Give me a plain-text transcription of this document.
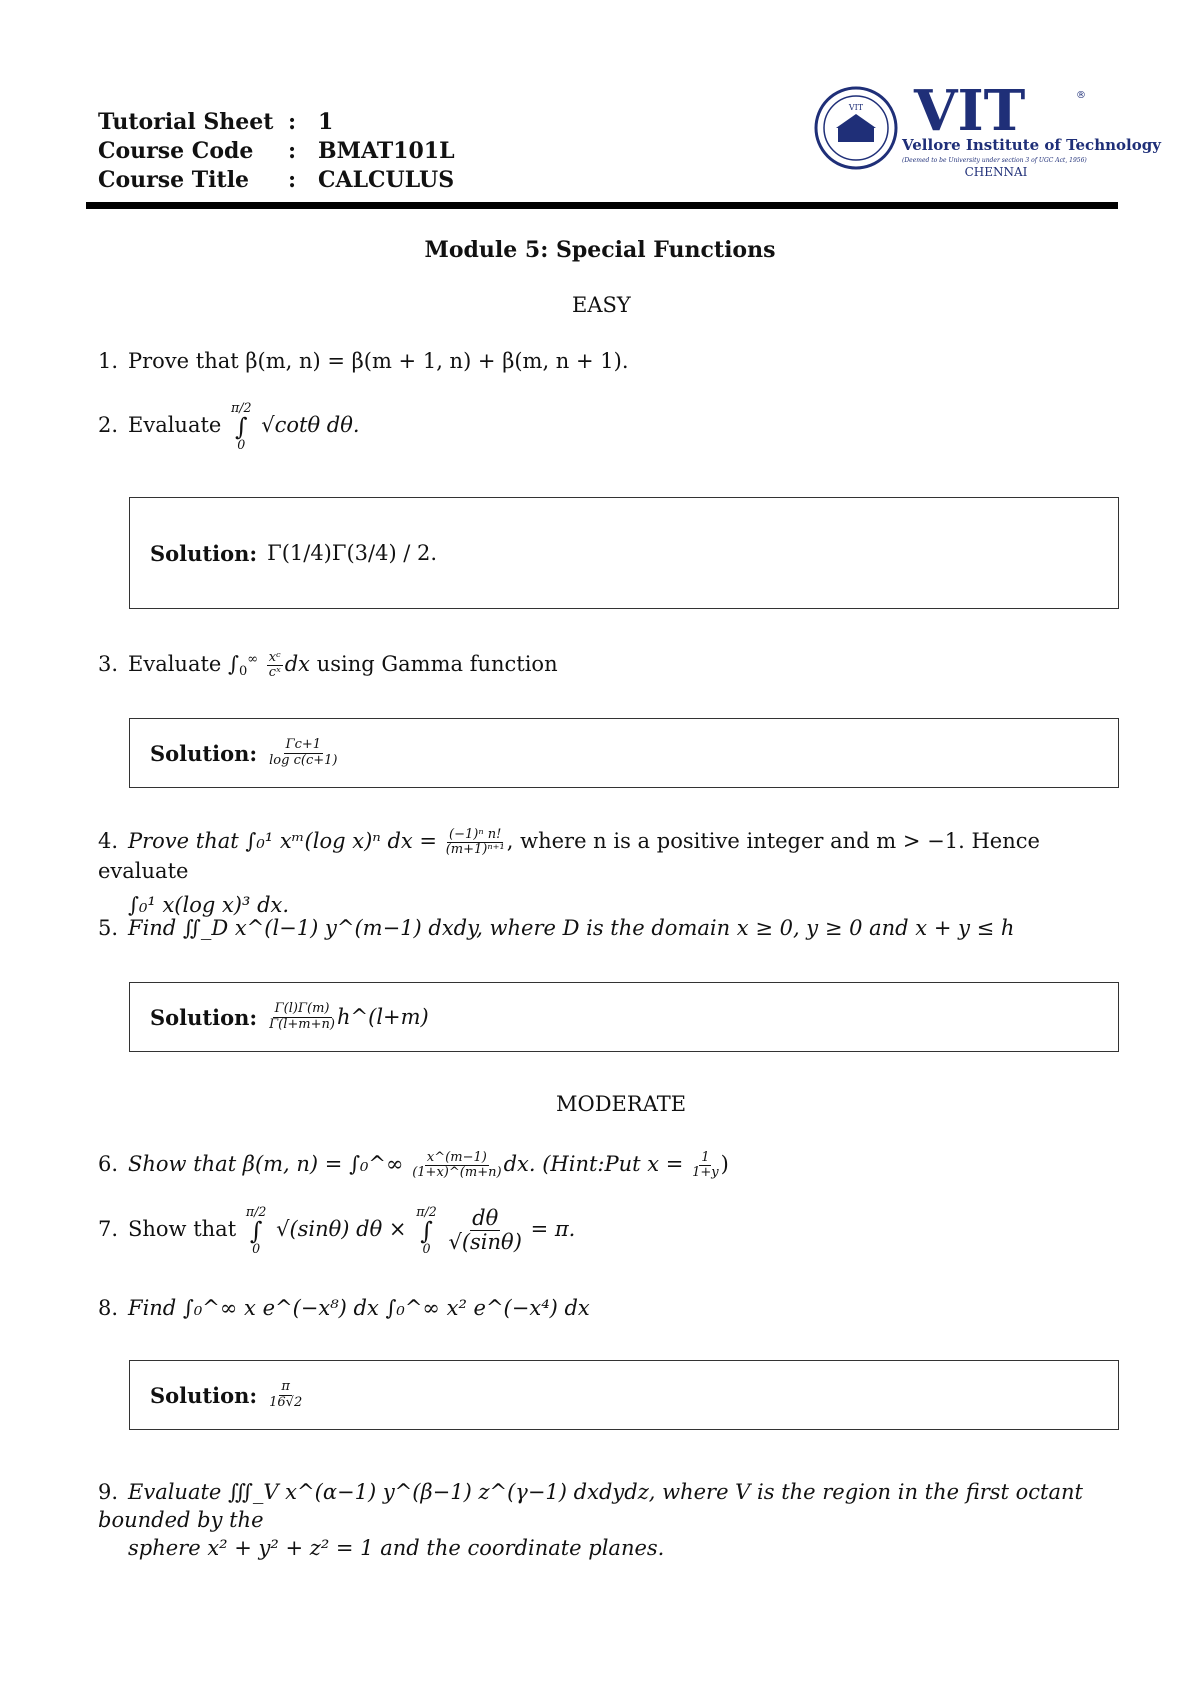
Tutorial Sheet : 1
Course Code	: BMAT101L
Course Title	: CALCULUS
VIT VIT	®
Vellore Institute of Technology
(Deemed to be University under section 3 of UGC Act, 1956)
CHENNAI
Module 5: Special Functions
EASY
1. Prove that β(m, n) = β(m + 1, n) + β(m, n + 1).
2. Evaluate
π/2
∫
0
√cotθ dθ.
Solution: Γ(1/4)Γ(3/4) / 2.
3. Evaluate $\int 0^\infty \frac{\text{xᶜ}}{\text{cˣ}}$ dx using Gamma function
Solution: $\frac{\Gamma c+1}{\text{log c(c+1)}}$
4. Prove that ∫₀¹ xᵐ(log x)ⁿ dx = $\frac{\text{(−1)ⁿ n!}}{\text{(m+1)ⁿ⁺¹}}$ , where n is a positive integer and m > −1. Hence evaluate
∫₀¹ x(log x)³ dx.
5. Find ∬_D x^(l−1) y^(m−1) dxdy, where D is the domain x ≥ 0, y ≥ 0 and x + y ≤ h
Solution: $\frac{\Gamma(l)\Gamma(m)}{\Gamma(l+m+n)}$ h^(l+m)
MODERATE
6. Show that β(m, n) = ∫₀^∞ $\frac{x\^{}(m-1)}{(1+x)\^{}(m+n)}$ dx. (Hint:Put $x = \frac{1}{1+y}$ )
7. Show that
π/2
∫
0
√(sinθ) dθ ×
π/2
∫
0
$\frac{d\theta}{√(\sin\theta)} = \pi$.
8. Find ∫₀^∞ x e^(−x⁸) dx ∫₀^∞ x² e^(−x⁴) dx
Solution: $\frac{\pi}{16√2}$
9. Evaluate ∭_V x^(α−1) y^(β−1) z^(γ−1) dxdydz, where V is the region in the first octant bounded by the
sphere x² + y² + z² = 1 and the coordinate planes.
